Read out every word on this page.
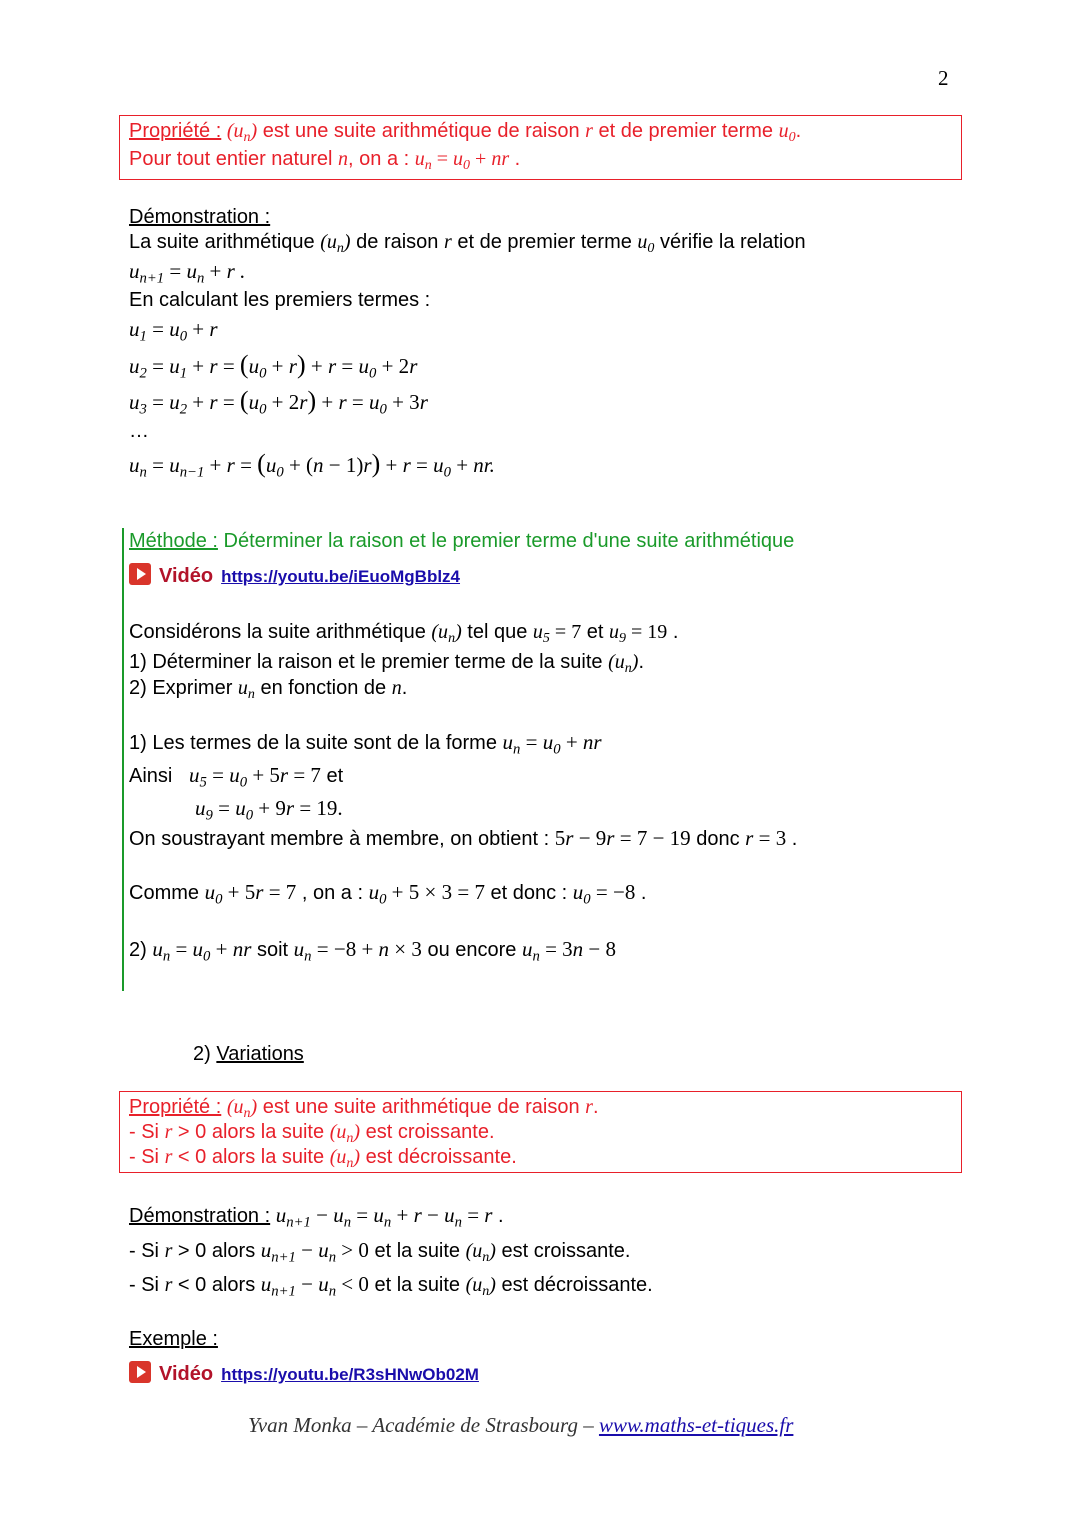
2
Propriété : $(u_n)$ est une suite arithmétique de raison r et de premier terme $u_0$.
Pour tout entier naturel n, on a : $u_n = u_0$ + nr .
Démonstration :
La suite arithmétique $(u_n)$ de raison r et de premier terme $u_0$ vérifie la relation
$u_{n+1} = u_n + r$ .
En calculant les premiers termes :
$u_1 = u_0 + r$
$u_2 = u_1 + r = (u_0 + r) + r = u_0 + 2r$
$u_3 = u_2 + r = (u_0 + 2r) + r = u_0 + 3r$
…
$u_n = u_{n-1} + r = (u_0 + (n - 1)r) + r = u_0$ + nr.
Méthode : Déterminer la raison et le premier terme d'une suite arithmétique
Vidéo https://youtu.be/iEuoMgBblz4
Considérons la suite arithmétique $(u_n)$ tel que $u_5 = 7$ et $u_9 = 19$ .
1) Déterminer la raison et le premier terme de la suite $(u_n)$.
2) Exprimer $u_n$ en fonction de n.
1) Les termes de la suite sont de la forme $u_n = u_0$ + nr
Ainsi $u_5 = u_0 + 5r = 7$ et
$u_9 = u_0 + 9r = 19$.
On soustrayant membre à membre, on obtient : 5r − 9r = 7 − 19 donc r = 3 .
Comme $u_0 + 5r = 7$ , on a : $u_0 + 5 \times 3 = 7$ et donc : $u_0 = -8$ .
2) $u_n = u_0$ + nr soit $u_n = -8 + n \times 3$ ou encore $u_n = 3n - 8$
2) Variations
Propriété : $(u_n)$ est une suite arithmétique de raison r.
- Si r > 0 alors la suite $(u_n)$ est croissante.
- Si r < 0 alors la suite $(u_n)$ est décroissante.
Démonstration : $u_{n+1} - u_n = u_n + r - u_n = r$ .
- Si r > 0 alors $u_{n+1} - u_n > 0$ et la suite $(u_n)$ est croissante.
- Si r < 0 alors $u_{n+1} - u_n < 0$ et la suite $(u_n)$ est décroissante.
Exemple :
Vidéo https://youtu.be/R3sHNwOb02M
Yvan Monka – Académie de Strasbourg – www.maths-et-tiques.fr
